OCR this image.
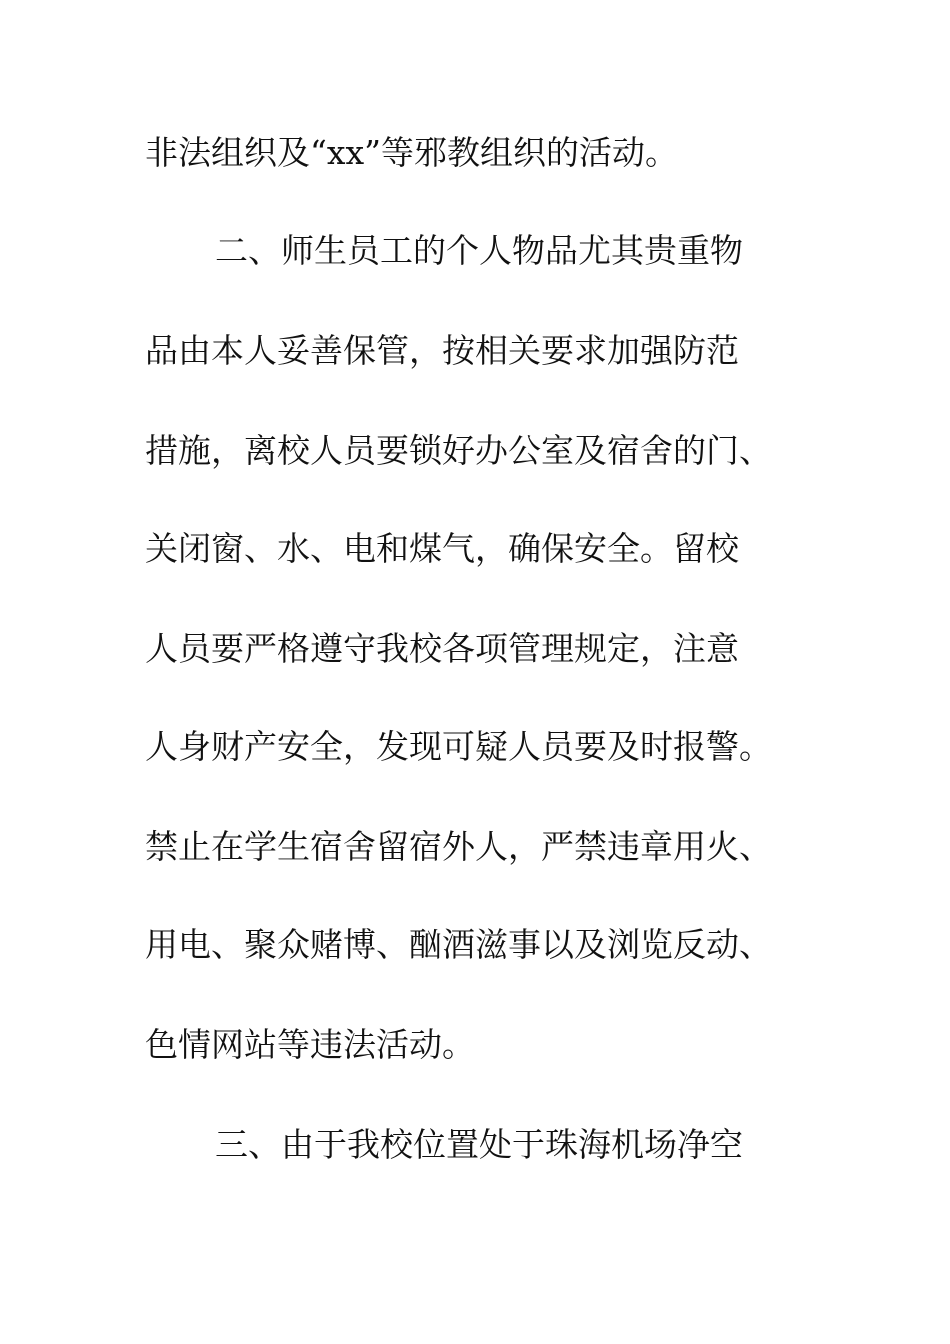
非法组织及“xx”等邪教组织的活动。
二、师生员工的个人物品尤其贵重物
品由本人妥善保管，按相关要求加强防范
措施，离校人员要锁好办公室及宿舍的门、
关闭窗、水、电和煤气，确保安全。留校
人员要严格遵守我校各项管理规定，注意
人身财产安全，发现可疑人员要及时报警。
禁止在学生宿舍留宿外人，严禁违章用火、
用电、聚众赌博、酗酒滋事以及浏览反动、
色情网站等违法活动。
三、由于我校位置处于珠海机场净空
